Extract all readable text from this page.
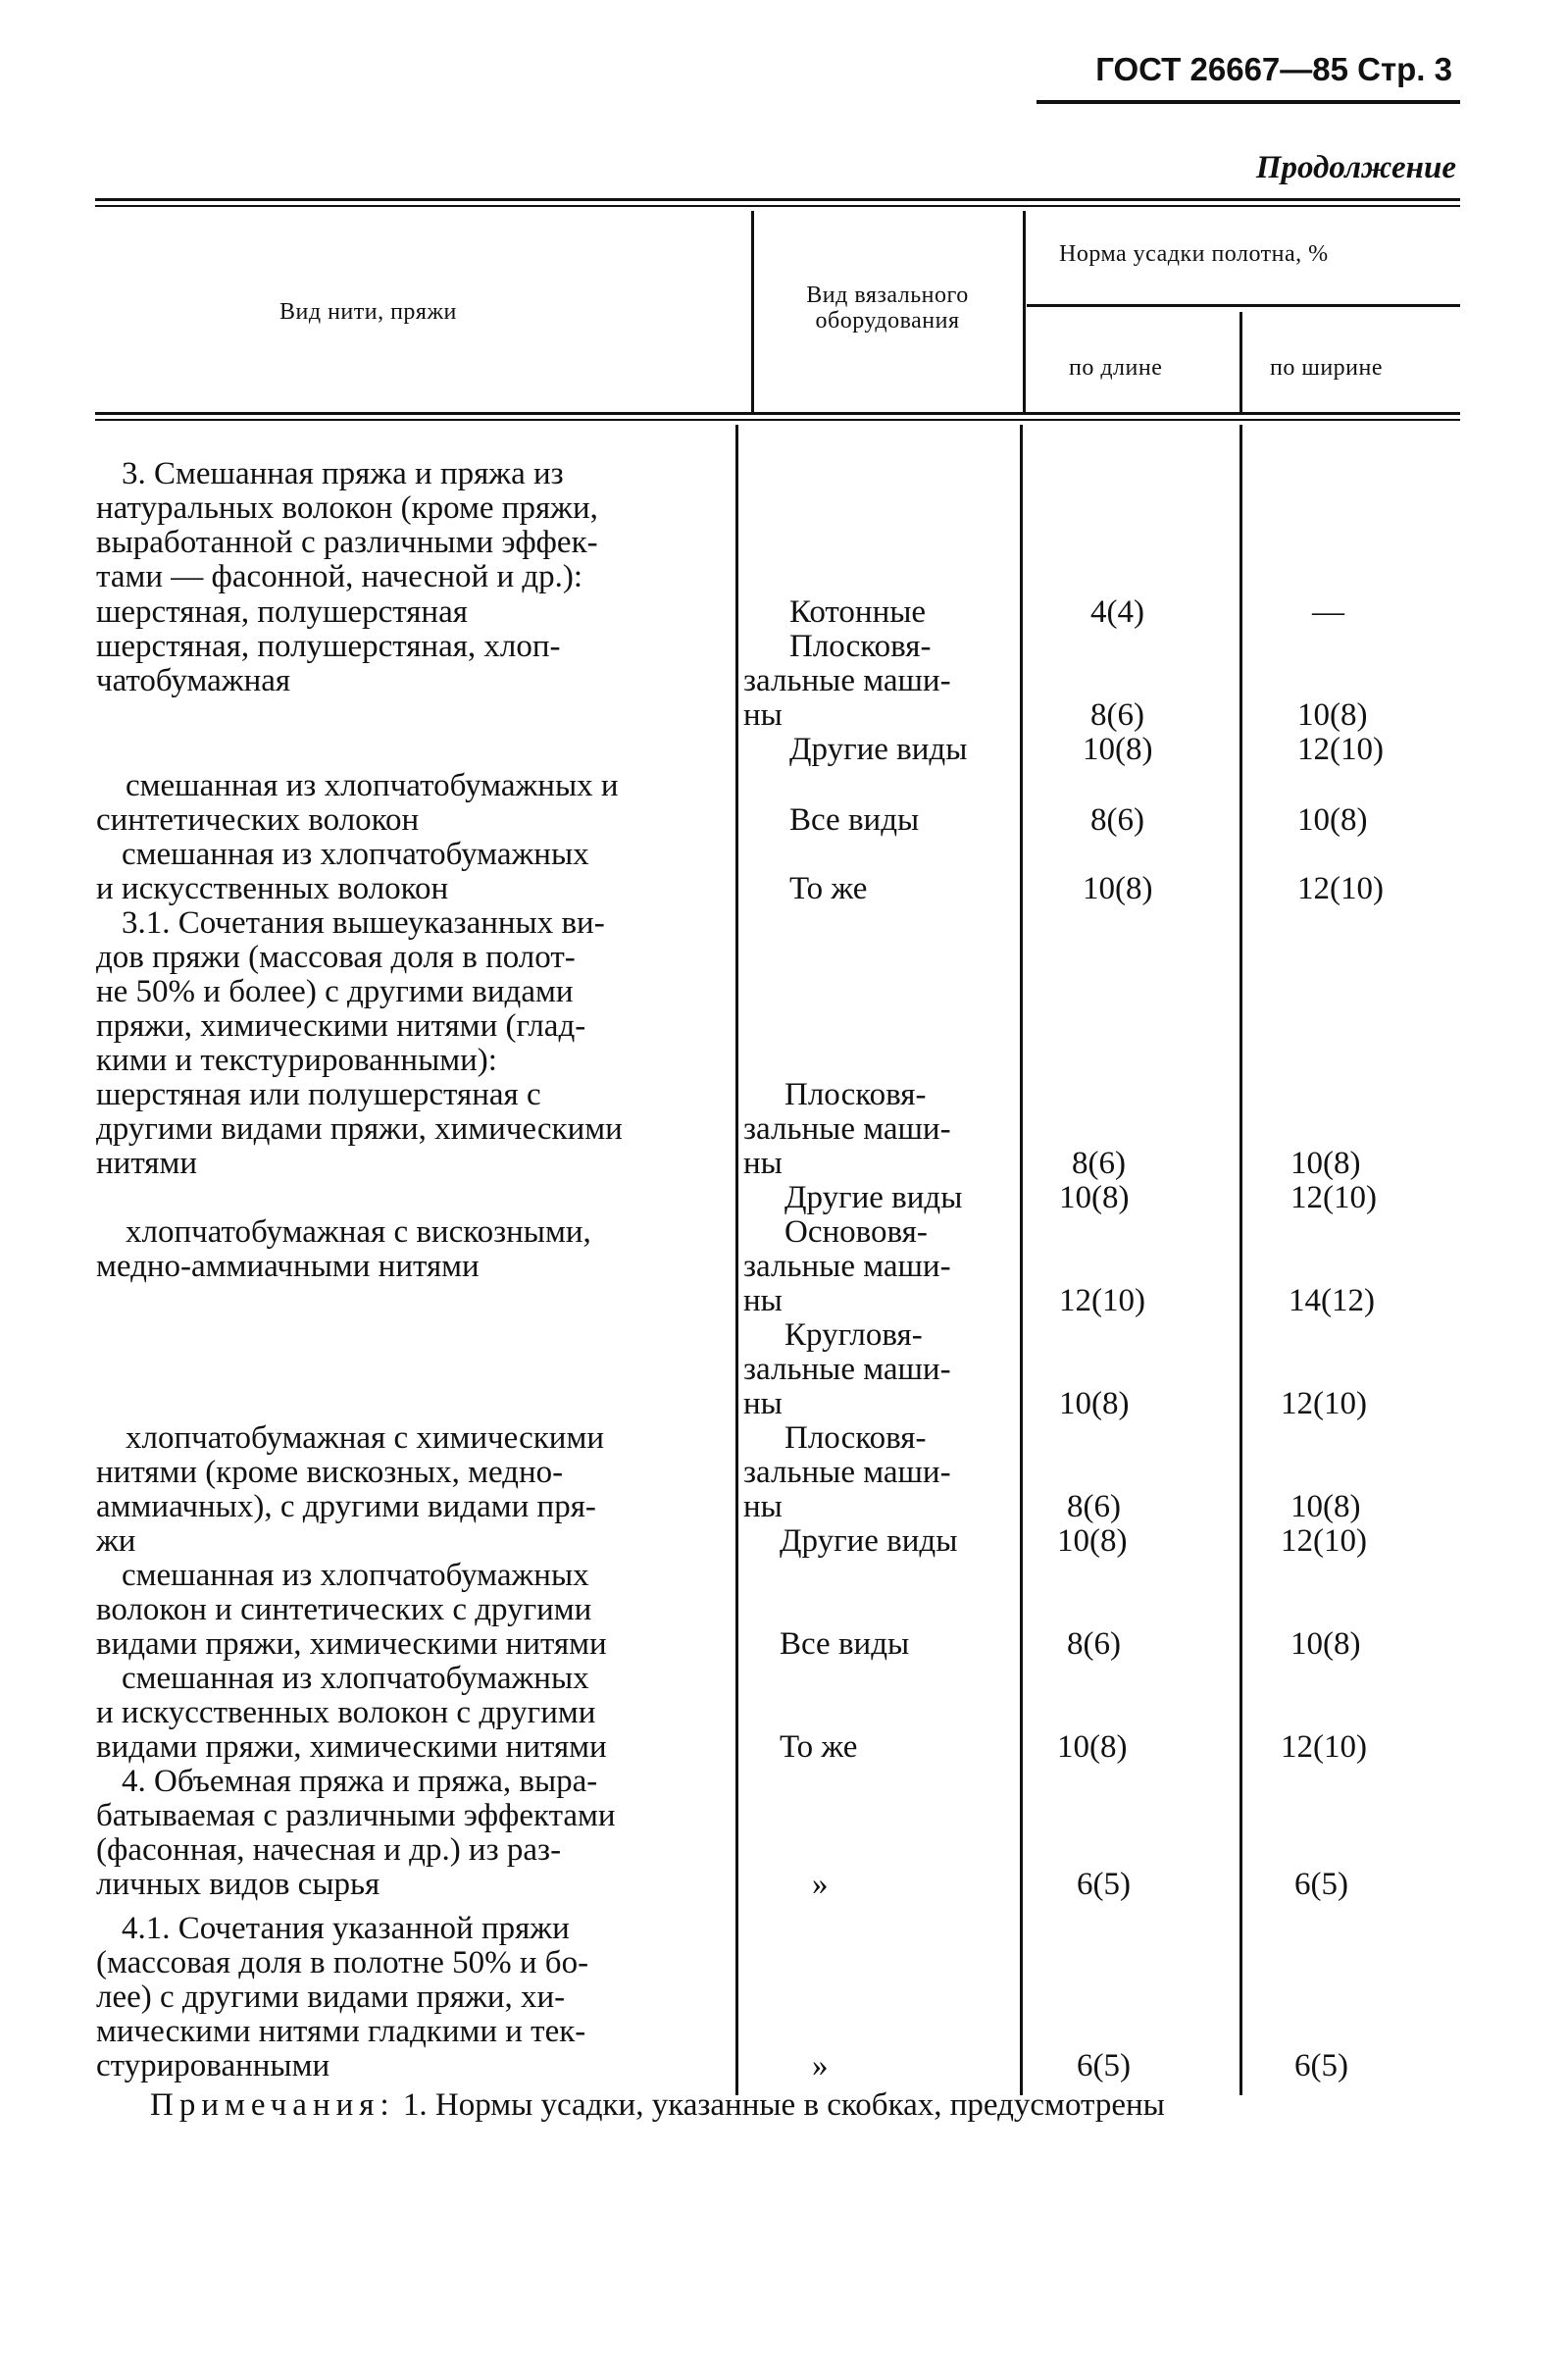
ГОСТ 26667—85 Стр. 3
Продолжение
Вид нити, пряжи
Вид вязального оборудования
Норма усадки полотна, %
по длине	по ширине
3. Смешанная пряжа и пряжа из
натуральных волокон (кроме пряжи,
выработанной с различными эффек-
тами — фасонной, начесной и др.):
шерстяная, полушерстяная
шерстяная, полушерстяная, хлоп-
чатобумажная
смешанная из хлопчатобумажных и
синтетических волокон
смешанная из хлопчатобумажных
и искусственных волокон
3.1. Сочетания вышеуказанных ви-
дов пряжи (массовая доля в полот-
не 50% и более) с другими видами
пряжи, химическими нитями (глад-
кими и текстурированными):
шерстяная или полушерстяная с
другими видами пряжи, химическими
нитями
хлопчатобумажная с вискозными,
медно-аммиачными нитями
хлопчатобумажная с химическими
нитями (кроме вискозных, медно-
аммиачных), с другими видами пря-
жи
смешанная из хлопчатобумажных
волокон и синтетических с другими
видами пряжи, химическими нитями
смешанная из хлопчатобумажных
и искусственных волокон с другими
видами пряжи, химическими нитями
4. Объемная пряжа и пряжа, выра-
батываемая с различными эффектами
(фасонная, начесная и др.) из раз-
личных видов сырья
4.1. Сочетания указанной пряжи
(массовая доля в полотне 50% и бо-
лее) с другими видами пряжи, хи-
мическими нитями гладкими и тек-
стурированными
Котонные
Плосковя-
зальные маши-
ны
Другие виды
Все виды
То же
Плосковя-
зальные маши-
ны
Другие виды
Основовя-
зальные маши-
ны
Кругловя-
зальные маши-
ны
Плосковя-
зальные маши-
ны
Другие виды
Все виды
То же
»
»
4(4)
8(6)
10(8)
8(6)
10(8)
8(6)
10(8)
12(10)
10(8)
8(6)
10(8)
8(6)
10(8)
6(5)
6(5)
—
10(8)
12(10)
10(8)
12(10)
10(8)
12(10)
14(12)
12(10)
10(8)
12(10)
10(8)
12(10)
6(5)
6(5)
Примечания: 1. Нормы усадки, указанные в скобках, предусмотрены
